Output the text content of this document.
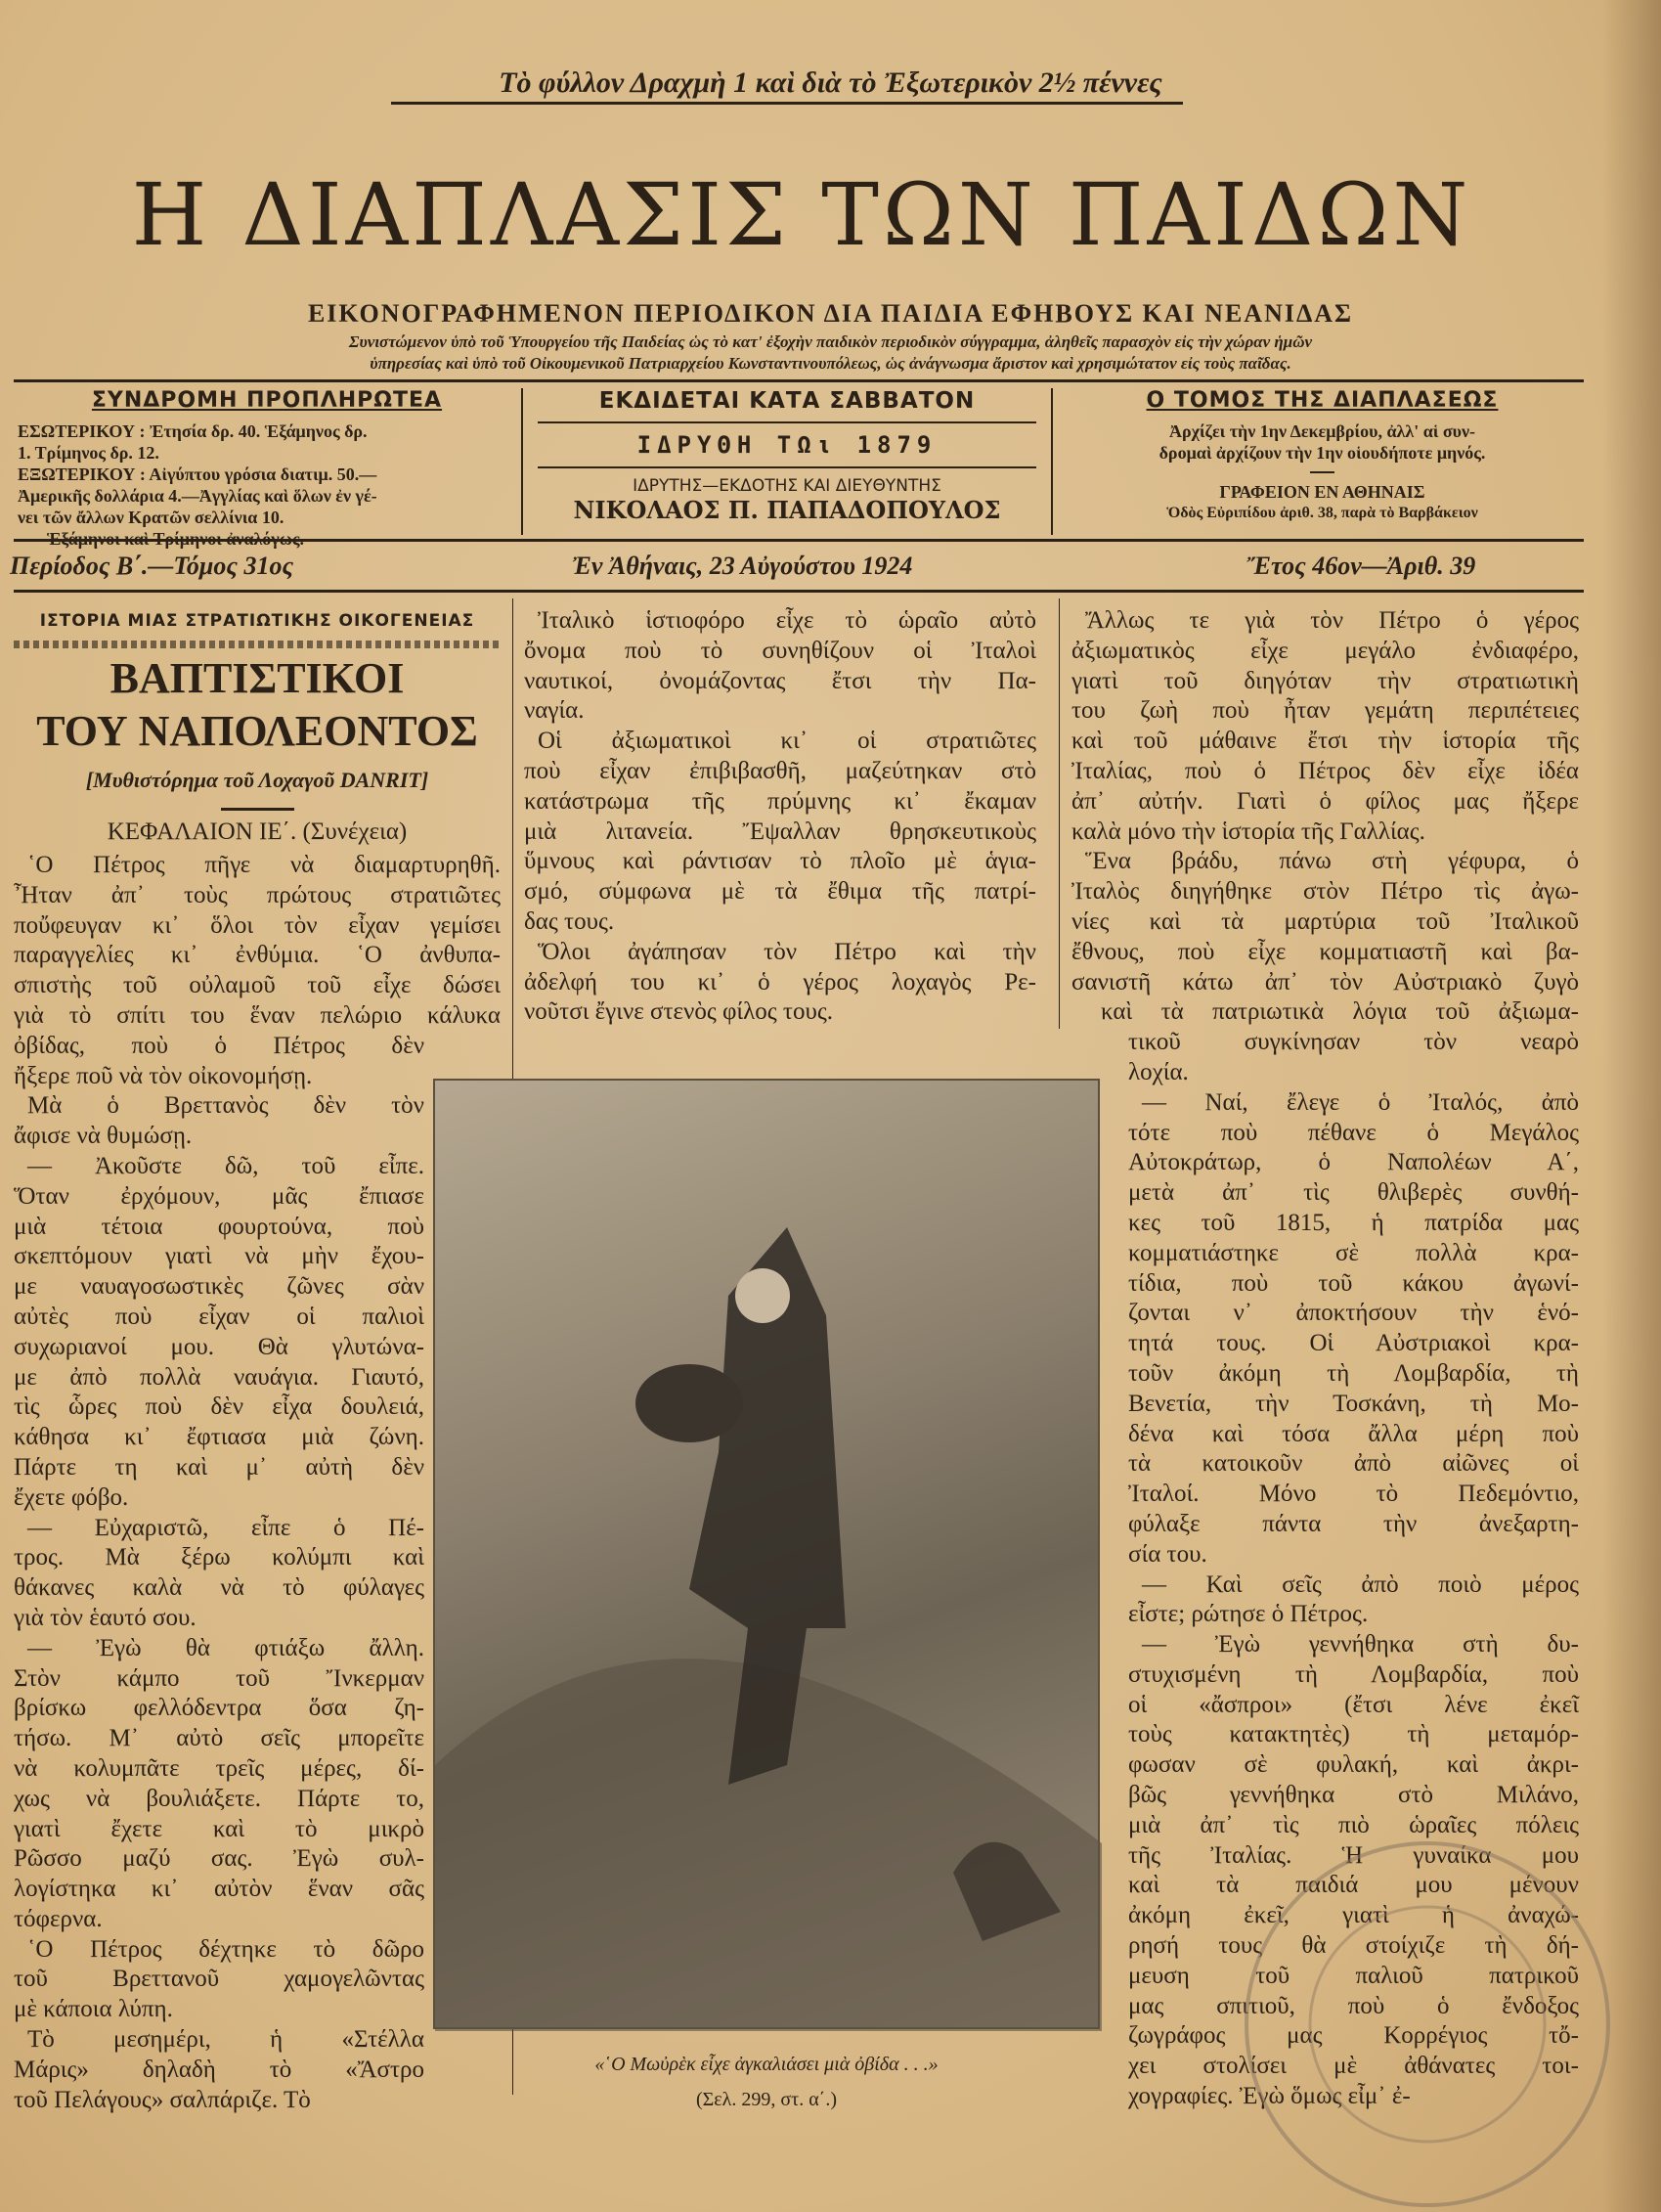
Τὸ φύλλον Δραχμὴ 1 καὶ διὰ τὸ Ἐξωτερικὸν 2½ πέννες
Η ΔΙΑΠΛΑΣΙΣ ΤΩΝ ΠΑΙΔΩΝ
ΕΙΚΟΝΟΓΡΑΦΗΜΕΝΟΝ ΠΕΡΙΟΔΙΚΟΝ ΔΙΑ ΠΑΙΔΙΑ ΕΦΗΒΟΥΣ ΚΑΙ ΝΕΑΝΙΔΑΣ
Συνιστώμενον ὑπὸ τοῦ Ὑπουργείου τῆς Παιδείας ὡς τὸ κατ' ἐξοχὴν παιδικὸν περιοδικὸν σύγγραμμα, ἀληθεῖς παρασχὸν εἰς τὴν χώραν ἡμῶν
ὑπηρεσίας καὶ ὑπὸ τοῦ Οἰκουμενικοῦ Πατριαρχείου Κωνσταντινουπόλεως, ὡς ἀνάγνωσμα ἄριστον καὶ χρησιμώτατον εἰς τοὺς παῖδας.
ΣΥΝΔΡΟΜΗ ΠΡΟΠΛΗΡΩΤΕΑ

ΕΣΩΤΕΡΙΚΟΥ : Ἐτησία δρ. 40. Ἑξάμηνος δρ.

1. Τρίμηνος δρ. 12.

ΕΞΩΤΕΡΙΚΟΥ : Αἰγύπτου γρόσια διατιμ. 50.—

Ἀμερικῆς δολλάρια 4.—Ἀγγλίας καὶ ὅλων ἐν γέ-

νει τῶν ἄλλων Κρατῶν σελλίνια 10.

ΕΚΔΙΔΕΤΑΙ ΚΑΤΑ ΣΑΒΒΑΤΟΝ
ΙΔΡΥΘΗ ΤΩι 1879
ΙΔΡΥΤΗΣ—ΕΚΔΟΤΗΣ ΚΑΙ ΔΙΕΥΘΥΝΤΗΣ
ΝΙΚΟΛΑΟΣ Π. ΠΑΠΑΔΟΠΟΥΛΟΣ
Ο ΤΟΜΟΣ ΤΗΣ ΔΙΑΠΛΑΣΕΩΣ

Ἀρχίζει τὴν 1ην Δεκεμβρίου, ἀλλ' αἱ συν-

δρομαὶ ἀρχίζουν τὴν 1ην οἱουδήποτε μηνός.

ΓΡΑΦΕΙΟΝ ΕΝ ΑΘΗΝΑΙΣ

Ὁδὸς Εὐριπίδου ἀριθ. 38, παρὰ τὸ Βαρβάκειον

Περίοδος Β΄.—Τόμος 31ος	Ἐν Ἀθήναις, 23 Αὐγούστου 1924	Ἔτος 46ον—Ἀριθ. 39
ΙΣΤΟΡΙΑ ΜΙΑΣ ΣΤΡΑΤΙΩΤΙΚΗΣ ΟΙΚΟΓΕΝΕΙΑΣ
ΒΑΠΤΙΣΤΙΚΟΙ
ΤΟΥ ΝΑΠΟΛΕΟΝΤΟΣ
[Μυθιστόρημα τοῦ Λοχαγοῦ DANRIT]
ΚΕΦΑΛΑΙΟΝ ΙΕ΄. (Συνέχεια)
῾Ο Πέτρος πῆγε νὰ διαμαρτυρηθῆ.
Ἦταν ἀπ᾽ τοὺς πρώτους στρατιῶτες
ποὔφευγαν κι᾽ ὅλοι τὸν εἶχαν γεμίσει
παραγγελίες κι᾽ ἐνθύμια. ῾Ο ἀνθυπα-
σπιστὴς τοῦ οὐλαμοῦ τοῦ εἶχε δώσει
γιὰ τὸ σπίτι του ἕναν πελώριο κάλυκα
ὀβίδας, ποὺ ὁ Πέτρος δὲν
ἤξερε ποῦ νὰ τὸν οἰκονομήσῃ.
Μὰ ὁ Βρεττανὸς δὲν τὸν
ἄφισε νὰ θυμώσῃ.
— Ἀκοῦστε δῶ, τοῦ εἶπε.
Ὅταν ἐρχόμουν, μᾶς ἔπιασε
μιὰ τέτοια φουρτούνα, ποὺ
σκεπτόμουν γιατὶ νὰ μὴν ἔχου-
με ναυαγοσωστικὲς ζῶνες σὰν
αὐτὲς ποὺ εἶχαν οἱ παλιοὶ
συχωριανοί μου. Θὰ γλυτώνα-
με ἀπὸ πολλὰ ναυάγια. Γιαυτό,
τὶς ὧρες ποὺ δὲν εἶχα δουλειά,
κάθησα κι᾽ ἔφτιασα μιὰ ζώνη.
Πάρτε τη καὶ μ᾽ αὐτὴ δὲν
ἔχετε φόβο.
— Εὐχαριστῶ, εἶπε ὁ Πέ-
τρος. Μὰ ξέρω κολύμπι καὶ
θάκανες καλὰ νὰ τὸ φύλαγες
γιὰ τὸν ἑαυτό σου.
— Ἐγὼ θὰ φτιάξω ἄλλη.
Στὸν κάμπο τοῦ Ἴνκερμαν
βρίσκω φελλόδεντρα ὅσα ζη-
τήσω. Μ᾽ αὐτὸ σεῖς μπορεῖτε
νὰ κολυμπᾶτε τρεῖς μέρες, δί-
χως νὰ βουλιάξετε. Πάρτε το,
γιατὶ ἔχετε καὶ τὸ μικρὸ
Ρῶσσο μαζύ σας. Ἐγὼ συλ-
λογίστηκα κι᾽ αὐτὸν ἕναν σᾶς
τόφερνα.
῾Ο Πέτρος δέχτηκε τὸ δῶρο
τοῦ Βρεττανοῦ χαμογελῶντας
μὲ κάποια λύπη.
Τὸ μεσημέρι, ἡ «Στέλλα
Μάρις» δηλαδὴ τὸ «Ἄστρο
τοῦ Πελάγους» σαλπάριζε. Τὸ
Ἰταλικὸ ἱστιοφόρο εἶχε τὸ ὡραῖο αὐτὸ
ὄνομα ποὺ τὸ συνηθίζουν οἱ Ἰταλοὶ
ναυτικοί, ὀνομάζοντας ἔτσι τὴν Πα-
ναγία.
Οἱ ἀξιωματικοὶ κι᾽ οἱ στρατιῶτες
ποὺ εἶχαν ἐπιβιβασθῆ, μαζεύτηκαν στὸ
κατάστρωμα τῆς πρύμνης κι᾽ ἔκαμαν
μιὰ λιτανεία. Ἔψαλλαν θρησκευτικοὺς
ὕμνους καὶ ράντισαν τὸ πλοῖο μὲ ἁγια-
σμό, σύμφωνα μὲ τὰ ἔθιμα τῆς πατρί-
δας τους.
Ὅλοι ἀγάπησαν τὸν Πέτρο καὶ τὴν
ἀδελφή του κι᾽ ὁ γέρος λοχαγὸς Ρε-
νοῦτσι ἔγινε στενὸς φίλος τους.
Ἄλλως τε γιὰ τὸν Πέτρο ὁ γέρος
ἀξιωματικὸς εἶχε μεγάλο ἐνδιαφέρο,
γιατὶ τοῦ διηγόταν τὴν στρατιωτικὴ
του ζωὴ ποὺ ἦταν γεμάτη περιπέτειες
καὶ τοῦ μάθαινε ἔτσι τὴν ἱστορία τῆς
Ἰταλίας, ποὺ ὁ Πέτρος δὲν εἶχε ἰδέα
ἀπ᾽ αὐτήν. Γιατὶ ὁ φίλος μας ἤξερε
καλὰ μόνο τὴν ἱστορία τῆς Γαλλίας.
Ἕνα βράδυ, πάνω στὴ γέφυρα, ὁ
Ἰταλὸς διηγήθηκε στὸν Πέτρο τὶς ἀγω-
νίες καὶ τὰ μαρτύρια τοῦ Ἰταλικοῦ
ἔθνους, ποὺ εἶχε κομματιαστῆ καὶ βα-
σανιστῆ κάτω ἀπ᾽ τὸν Αὐστριακὸ ζυγὸ
καὶ τὰ πατριωτικὰ λόγια τοῦ ἀξιωμα-
τικοῦ συγκίνησαν τὸν νεαρὸ
λοχία.
— Ναί, ἔλεγε ὁ Ἰταλός, ἀπὸ
τότε ποὺ πέθανε ὁ Μεγάλος
Αὐτοκράτωρ, ὁ Ναπολέων Α΄,
μετὰ ἀπ᾽ τὶς θλιβερὲς συνθή-
κες τοῦ 1815, ἡ πατρίδα μας
κομματιάστηκε σὲ πολλὰ κρα-
τίδια, ποὺ τοῦ κάκου ἀγωνί-
ζονται ν᾽ ἀποκτήσουν τὴν ἑνό-
τητά τους. Οἱ Αὐστριακοὶ κρα-
τοῦν ἀκόμη τὴ Λομβαρδία, τὴ
Βενετία, τὴν Τοσκάνη, τὴ Μο-
δένα καὶ τόσα ἄλλα μέρη ποὺ
τὰ κατοικοῦν ἀπὸ αἰῶνες οἱ
Ἰταλοί. Μόνο τὸ Πεδεμόντιο,
φύλαξε πάντα τὴν ἀνεξαρτη-
σία του.
— Καὶ σεῖς ἀπὸ ποιὸ μέρος
εἶστε; ρώτησε ὁ Πέτρος.
— Ἐγὼ γεννήθηκα στὴ δυ-
στυχισμένη τὴ Λομβαρδία, ποὺ
οἱ «ἄσπροι» (ἔτσι λένε ἐκεῖ
τοὺς κατακτητὲς) τὴ μεταμόρ-
φωσαν σὲ φυλακή, καὶ ἀκρι-
βῶς γεννήθηκα στὸ Μιλάνο,
μιὰ ἀπ᾽ τὶς πιὸ ὡραῖες πόλεις
τῆς Ἰταλίας. Ἡ γυναίκα μου
καὶ τὰ παιδιά μου μένουν
ἀκόμη ἐκεῖ, γιατὶ ἡ ἀναχώ-
ρησή τους θὰ στοίχιζε τὴ δή-
μευση τοῦ παλιοῦ πατρικοῦ
μας σπιτιοῦ, ποὺ ὁ ἔνδοξος
ζωγράφος μας Κορρέγιος τὄ-
χει στολίσει μὲ ἀθάνατες τοι-
χογραφίες. Ἐγὼ ὅμως εἶμ᾽ ἐ-
«῾Ο Μωὐρὲκ εἶχε ἀγκαλιάσει μιὰ ὀβίδα . . .»
(Σελ. 299, στ. α΄.)
